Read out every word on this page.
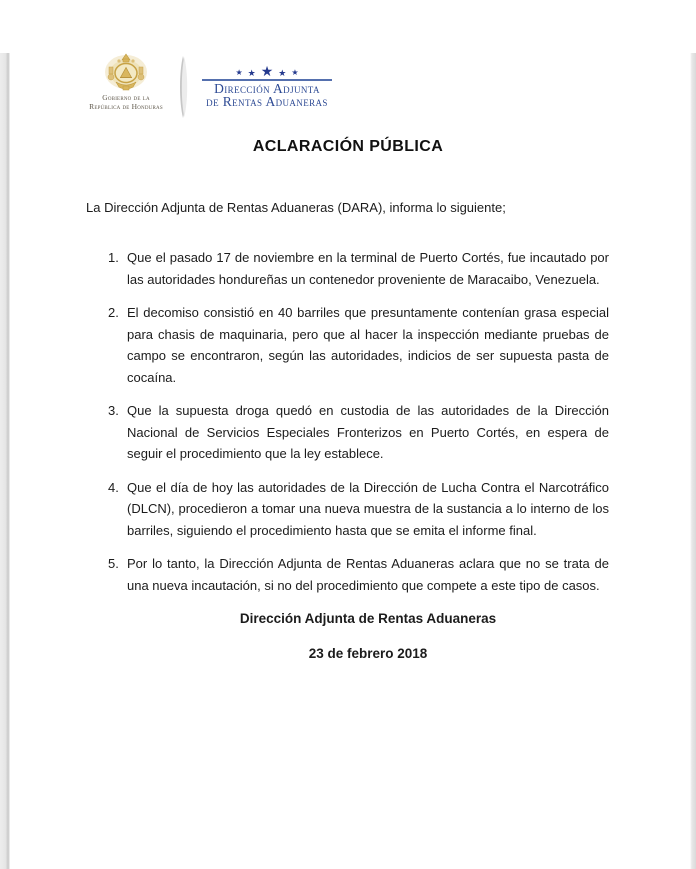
Gobierno de la
República de Honduras
★ ★ ★ ★ ★
Dirección Adjunta
de Rentas Aduaneras
ACLARACIÓN PÚBLICA
La Dirección Adjunta de Rentas Aduaneras (DARA), informa lo siguiente;
1. Que el pasado 17 de noviembre en la terminal de Puerto Cortés, fue incautado por las autoridades hondureñas un contenedor proveniente de Maracaibo, Venezuela.
2. El decomiso consistió en 40 barriles que presuntamente contenían grasa especial para chasis de maquinaria, pero que al hacer la inspección mediante pruebas de campo se encontraron, según las autoridades, indicios de ser supuesta pasta de cocaína.
3. Que la supuesta droga quedó en custodia de las autoridades de la Dirección Nacional de Servicios Especiales Fronterizos en Puerto Cortés, en espera de seguir el procedimiento que la ley establece.
4. Que el día de hoy las autoridades de la Dirección de Lucha Contra el Narcotráfico (DLCN), procedieron a tomar una nueva muestra de la sustancia a lo interno de los barriles, siguiendo el procedimiento hasta que se emita el informe final.
5. Por lo tanto, la Dirección Adjunta de Rentas Aduaneras aclara que no se trata de una nueva incautación, si no del procedimiento que compete a este tipo de casos.
Dirección Adjunta de Rentas Aduaneras
23 de febrero 2018
